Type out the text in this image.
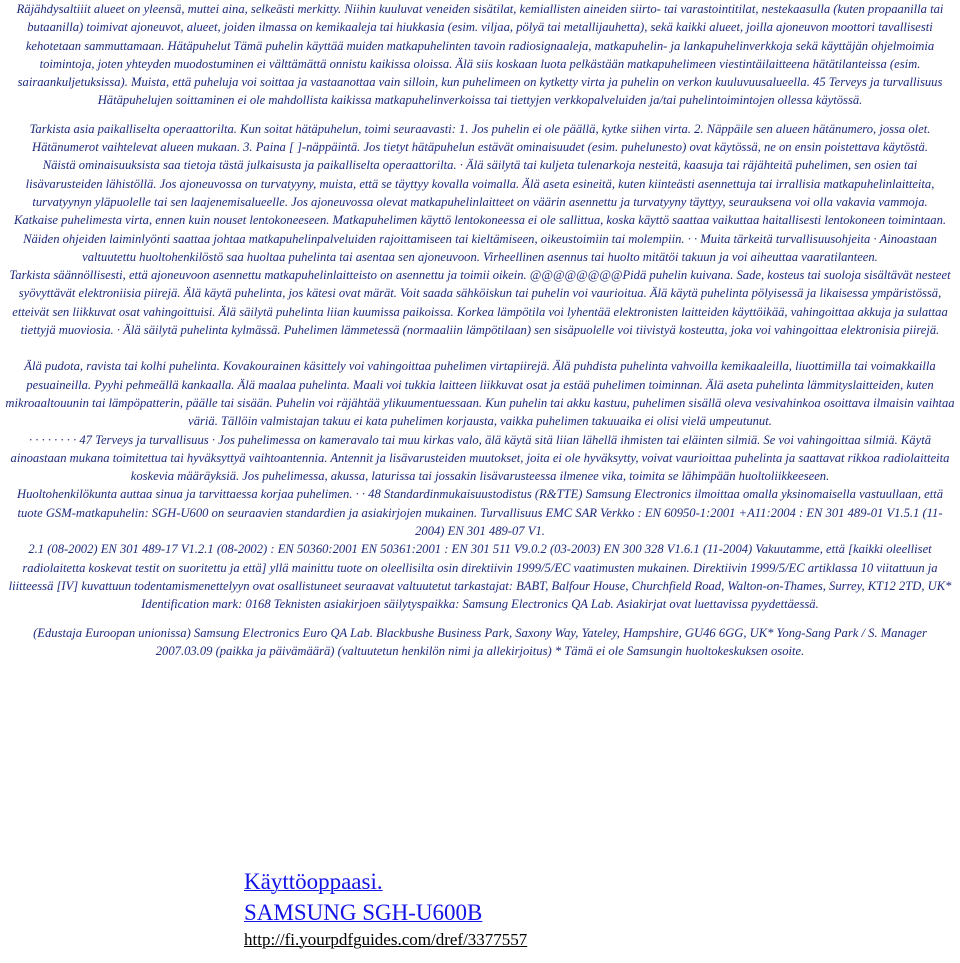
Räjähdysaltiiit alueet on yleensä, muttei aina, selkeästi merkitty. Niihin kuuluvat veneiden sisätilat, kemiallisten aineiden siirto- tai varastointitilat, nestekaasulla (kuten propaanilla tai butaanilla) toimivat ajoneuvot, alueet, joiden ilmassa on kemikaaleja tai hiukkasia (esim. viljaa, pölyä tai metallijauhetta), sekä kaikki alueet, joilla ajoneuvon moottori tavallisesti kehotetaan sammuttamaan. Hätäpuhelut Tämä puhelin käyttää muiden matkapuhelinten tavoin radiosignaaleja, matkapuhelin- ja lankapuhelinverkkoja sekä käyttäjän ohjelmoimia toimintoja, joten yhteyden muodostuminen ei välttämättä onnistu kaikissa oloissa. Älä siis koskaan luota pelkästään matkapuhelimeen viestintäilaitteena hätätilanteissa (esim. sairaankuljetuksissa). Muista, että puheluja voi soittaa ja vastaanottaa vain silloin, kun puhelimeen on kytketty virta ja puhelin on verkon kuuluvuusalueella. 45 Terveys ja turvallisuus Hätäpuhelujen soittaminen ei ole mahdollista kaikissa matkapuhelinverkoissa tai tiettyjen verkkopalveluiden ja/tai puhelintoimintojen ollessa käytössä.

Tarkista asia paikalliselta operaattorilta. Kun soitat hätäpuhelun, toimi seuraavasti: 1. Jos puhelin ei ole päällä, kytke siihen virta. 2. Näppäile sen alueen hätänumero, jossa olet. Hätänumerot vaihtelevat alueen mukaan. 3. Paina [ ]-näppäintä. Jos tietyt hätäpuhelun estävät ominaisuudet (esim. puhelunesto) ovat käytössä, ne on ensin poistettava käytöstä.

Näistä ominaisuuksista saa tietoja tästä julkaisusta ja paikalliselta operaattorilta. · Älä säilytä tai kuljeta tulenarkoja nesteitä, kaasuja tai räjähteitä puhelimen, sen osien tai lisävarusteiden lähistöllä. Jos ajoneuvossa on turvatyyny, muista, että se täyttyy kovalla voimalla. Älä aseta esineitä, kuten kiinteästi asennettuja tai irrallisia matkapuhelinlaitteita, turvatyynyn yläpuolelle tai sen laajenemisalueelle. Jos ajoneuvossa olevat matkapuhelinlaitteet on väärin asennettu ja turvatyyny täyttyy, seurauksena voi olla vakavia vammoja.

Katkaise puhelimesta virta, ennen kuin nouset lentokoneeseen. Matkapuhelimen käyttö lentokoneessa ei ole sallittua, koska käyttö saattaa vaikuttaa haitallisesti lentokoneen toimintaan. Näiden ohjeiden laiminlyönti saattaa johtaa matkapuhelinpalveluiden rajoittamiseen tai kieltämiseen, oikeustoimiin tai molempiin. · · Muita tärkeitä turvallisuusohjeita · Ainoastaan valtuutettu huoltohenkilöstö saa huoltaa puhelinta tai asentaa sen ajoneuvoon. Virheellinen asennus tai huolto mitätöi takuun ja voi aiheuttaa vaaratilanteen.

Tarkista säännöllisesti, että ajoneuvoon asennettu matkapuhelinlaitteisto on asennettu ja toimii oikein. @@@@@@@@Pidä puhelin kuivana. Sade, kosteus tai suoloja sisältävät nesteet syövyttävät elektroniisia piirejä. Älä käytä puhelinta, jos kätesi ovat märät. Voit saada sähköiskun tai puhelin voi vaurioitua. Älä käytä puhelinta pölyisessä ja likaisessa ympäristössä, etteivät sen liikkuvat osat vahingoittuisi. Älä säilytä puhelinta liian kuumissa paikoissa. Korkea lämpötila voi lyhentää elektronisten laitteiden käyttöikää, vahingoittaa akkuja ja sulattaa tiettyjä muoviosia. · Älä säilytä puhelinta kylmässä. Puhelimen lämmetessä (normaaliin lämpötilaan) sen sisäpuolelle voi tiivistyä kosteutta, joka voi vahingoittaa elektronisia piirejä.

Älä pudota, ravista tai kolhi puhelinta. Kovakourainen käsittely voi vahingoittaa puhelimen virtapiirejä. Älä puhdista puhelinta vahvoilla kemikaaleilla, liuottimilla tai voimakkailla pesuaineilla. Pyyhi pehmeällä kankaalla. Älä maalaa puhelinta. Maali voi tukkia laitteen liikkuvat osat ja estää puhelimen toiminnan. Älä aseta puhelinta lämmityslaitteiden, kuten mikroaaltouunin tai lämpöpatterin, päälle tai sisään. Puhelin voi räjähtää ylikuumentuessaan. Kun puhelin tai akku kastuu, puhelimen sisällä oleva vesivahinkoa osoittava ilmaisin vaihtaa väriä. Tällöin valmistajan takuu ei kata puhelimen korjausta, vaikka puhelimen takuuaika ei olisi vielä umpeutunut.

· · · · · · · · 47 Terveys ja turvallisuus · Jos puhelimessa on kameravalo tai muu kirkas valo, älä käytä sitä liian lähellä ihmisten tai eläinten silmiä. Se voi vahingoittaa silmiä. Käytä ainoastaan mukana toimitettua tai hyväksyttyä vaihtoantennia. Antennit ja lisävarusteiden muutokset, joita ei ole hyväksytty, voivat vaurioittaa puhelinta ja saattavat rikkoa radiolaitteita koskevia määräyksiä. Jos puhelimessa, akussa, laturissa tai jossakin lisävarusteessa ilmenee vika, toimita se lähimpään huoltoliikkeeseen.

Huoltohenkilökunta auttaa sinua ja tarvittaessa korjaa puhelimen. · · 48 Standardinmukaisuustodistus (R&TTE) Samsung Electronics ilmoittaa omalla yksinomaisella vastuullaan, että tuote GSM-matkapuhelin: SGH-U600 on seuraavien standardien ja asiakirjojen mukainen. Turvallisuus EMC SAR Verkko : EN 60950-1:2001 +A11:2004 : EN 301 489-01 V1.5.1 (11-2004) EN 301 489-07 V1.

2.1 (08-2002) EN 301 489-17 V1.2.1 (08-2002) : EN 50360:2001 EN 50361:2001 : EN 301 511 V9.0.2 (03-2003) EN 300 328 V1.6.1 (11-2004) Vakuutamme, että [kaikki oleelliset radiolaitetta koskevat testit on suoritettu ja että] yllä mainittu tuote on oleellisilta osin direktiivin 1999/5/EC vaatimusten mukainen. Direktiivin 1999/5/EC artiklassa 10 viitattuun ja liitteessä [IV] kuvattuun todentamismenettelyyn ovat osallistuneet seuraavat valtuutetut tarkastajat: BABT, Balfour House, Churchfield Road, Walton-on-Thames, Surrey, KT12 2TD, UK* Identification mark: 0168 Teknisten asiakirjoen säilytyspaikka: Samsung Electronics QA Lab. Asiakirjat ovat luettavissa pyydettäessä.

(Edustaja Euroopan unionissa) Samsung Electronics Euro QA Lab. Blackbushe Business Park, Saxony Way, Yateley, Hampshire, GU46 6GG, UK* Yong-Sang Park / S. Manager 2007.03.09 (paikka ja päivämäärä) (valtuutetun henkilön nimi ja allekirjoitus) * Tämä ei ole Samsungin huoltokeskuksen osoite.

Käyttöoppaasi.
SAMSUNG SGH-U600B
http://fi.yourpdfguides.com/dref/3377557
